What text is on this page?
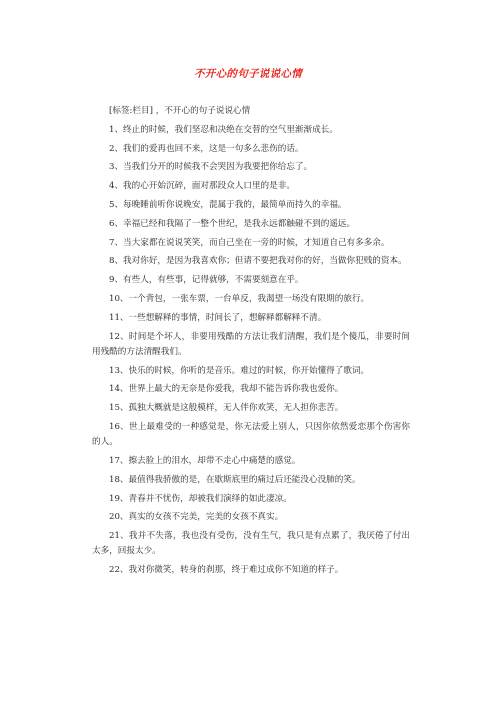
不开心的句子说说心情

[标签:栏目] ，不开心的句子说说心情

1、终止的时候，我们坚忍和决绝在交替的空气里渐渐成长。

2、我们的爱再也回不来，这是一句多么悲伤的话。

3、当我们分开的时候我不会哭因为我要把你给忘了。

4、我的心开始沉碎，面对那段众人口里的是非。

5、每晚睡前听你说晚安，混属于我的，最简单而持久的幸福。

6、幸福已经和我隔了一整个世纪，是我永远都触碰不到的遥远。

7、当大家都在说说笑笑，而自己坐在一旁的时候，才知道自己有多多余。

8、我对你好，是因为我喜欢你；但请不要把我对你的好，当做你犯贱的资本。

9、有些人，有些事，记得就够，不需要刻意在乎。

10、一个背包，一张车票，一台单反，我渴望一场没有限期的旅行。

11、一些想解释的事情，时间长了，想解释都解释不清。

12、时间是个坏人，非要用残酷的方法让我们清醒，我们是个傻瓜，非要时间用残酷的方法清醒我们。

13、快乐的时候，你听的是音乐。难过的时候，你开始懂得了歌词。

14、世界上最大的无奈是你爱我，我却不能告诉你我也爱你。

15、孤独大概就是这般模样，无人伴你欢笑，无人担你悲苦。

16、世上最难受的一种感觉是，你无法爱上别人，只因你依然爱恋那个伤害你的人。

17、擦去脸上的泪水，却带不走心中痛楚的感觉。

18、最值得我骄傲的是，在歇斯底里的痛过后还能没心没肺的笑。

19、青春并不忧伤，却被我们演绎的如此凄凉。

20、真实的女孩不完美，完美的女孩不真实。

21、我并不失落，我也没有受伤，没有生气，我只是有点累了，我厌倦了付出太多，回报太少。

22、我对你微笑，转身的刹那，终于难过成你不知道的样子。
